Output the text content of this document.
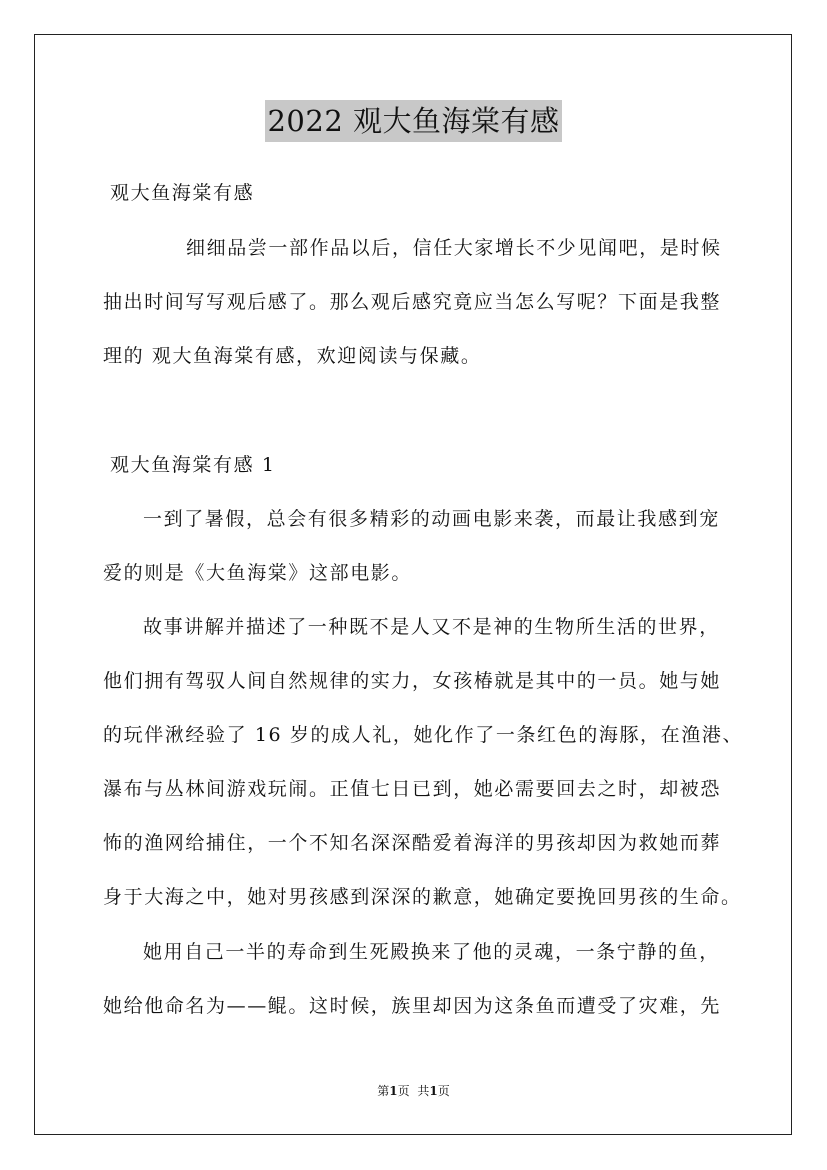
2022 观大鱼海棠有感
观大鱼海棠有感
细细品尝一部作品以后，信任大家增长不少见闻吧，是时候
抽出时间写写观后感了。那么观后感究竟应当怎么写呢？下面是我整
理的 观大鱼海棠有感，欢迎阅读与保藏。
观大鱼海棠有感 1
一到了暑假，总会有很多精彩的动画电影来袭，而最让我感到宠
爱的则是《大鱼海棠》这部电影。
故事讲解并描述了一种既不是人又不是神的生物所生活的世界，
他们拥有驾驭人间自然规律的实力，女孩椿就是其中的一员。她与她
的玩伴湫经验了 16 岁的成人礼，她化作了一条红色的海豚，在渔港、
瀑布与丛林间游戏玩闹。正值七日已到，她必需要回去之时，却被恐
怖的渔网给捕住，一个不知名深深酷爱着海洋的男孩却因为救她而葬
身于大海之中，她对男孩感到深深的歉意，她确定要挽回男孩的生命。
她用自己一半的寿命到生死殿换来了他的灵魂，一条宁静的鱼，
她给他命名为——鲲。这时候，族里却因为这条鱼而遭受了灾难，先
第1页 共1页
